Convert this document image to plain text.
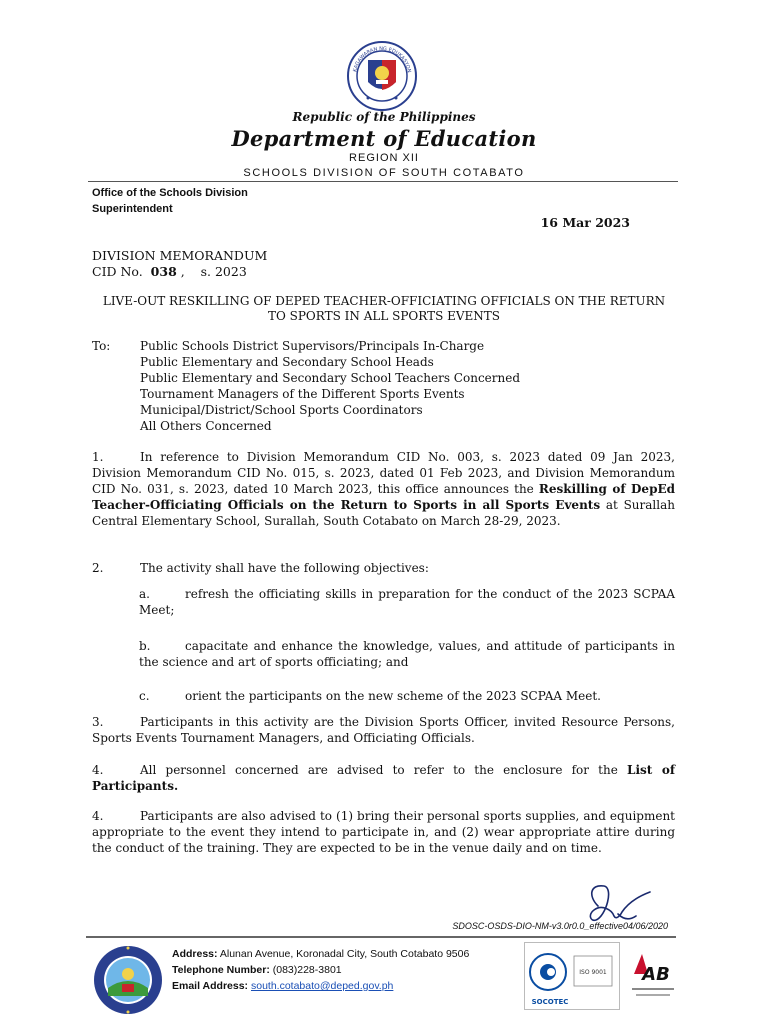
KAGAWARAN NG EDUKASYON
Republic of the Philippines
Department of Education
REGION XII
SCHOOLS DIVISION OF SOUTH COTABATO
Office of the Schools Division
Superintendent
16 Mar 2023
DIVISION MEMORANDUM
CID No. 038 ,    s. 2023
LIVE-OUT RESKILLING OF DEPED TEACHER-OFFICIATING OFFICIALS ON THE RETURN TO SPORTS IN ALL SPORTS EVENTS
To: Public Schools District Supervisors/Principals In-Charge
Public Elementary and Secondary School Heads
Public Elementary and Secondary School Teachers Concerned
Tournament Managers of the Different Sports Events
Municipal/District/School Sports Coordinators
All Others Concerned
1.	In reference to Division Memorandum CID No. 003, s. 2023 dated 09 Jan 2023, Division Memorandum CID No. 015, s. 2023, dated 01 Feb 2023, and Division Memorandum CID No. 031, s. 2023, dated 10 March 2023, this office announces the Reskilling of DepEd Teacher-Officiating Officials on the Return to Sports in all Sports Events at Surallah Central Elementary School, Surallah, South Cotabato on March 28-29, 2023.
2.	The activity shall have the following objectives:
a.	refresh the officiating skills in preparation for the conduct of the 2023 SCPAA Meet;
b.	capacitate and enhance the knowledge, values, and attitude of participants in the science and art of sports officiating; and
c.	orient the participants on the new scheme of the 2023 SCPAA Meet.
3.	Participants in this activity are the Division Sports Officer, invited Resource Persons, Sports Events Tournament Managers, and Officiating Officials.
4.	All personnel concerned are advised to refer to the enclosure for the List of Participants.
4.	Participants are also advised to (1) bring their personal sports supplies, and equipment appropriate to the event they intend to participate in, and (2) wear appropriate attire during the conduct of the training. They are expected to be in the venue daily and on time.
SDOSC-OSDS-DIO-NM-v3.0r0.0_effective04/06/2020
Address: Alunan Avenue, Koronadal City, South Cotabato 9506
Telephone Number: (083)228-3801
Email Address: south.cotabato@deped.gov.ph
ISO 9001
SOCOTEC
AB
